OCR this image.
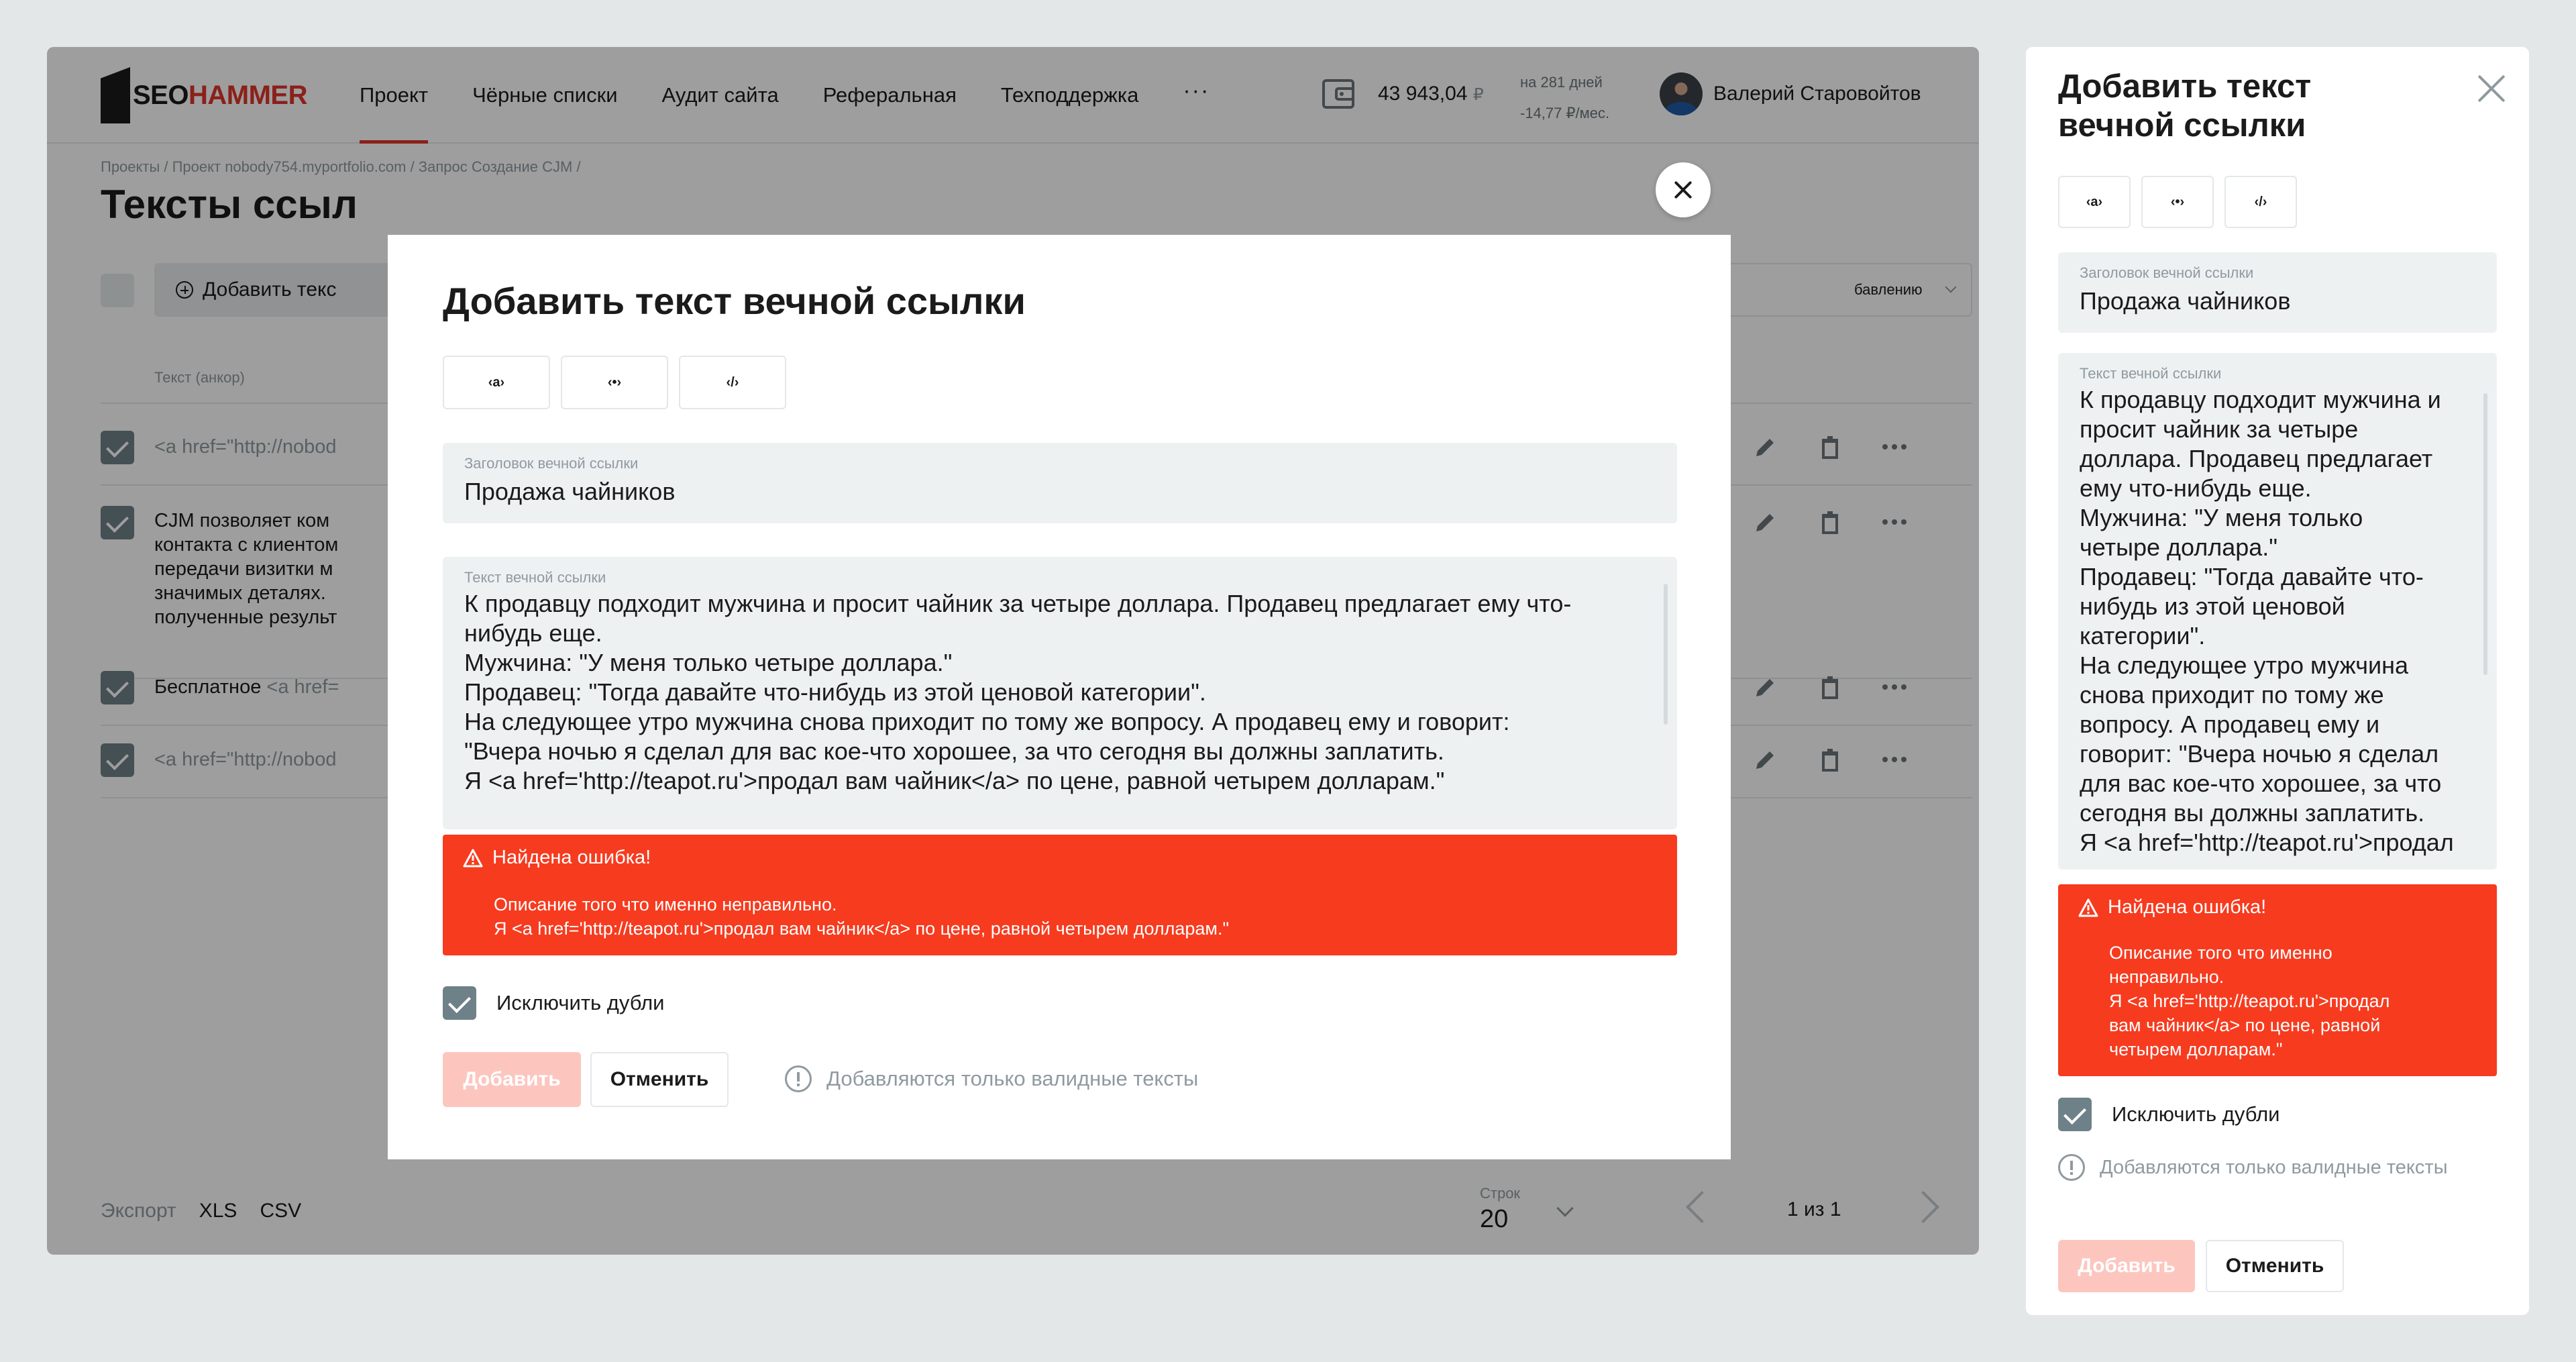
SEOHAMMER	Проект Чёрные списки Аудит сайта Реферальная Техподдержка ···	43 943,04 ₽
на 281 дней
-14,77 ₽/мес.
Валерий Старовойтов
Проекты / Проект nobody754.myportfolio.com / Запрос Создание CJM /
Тексты ссыл
Добавить текс	бавлению
Текст (анкор)
<a href="http://nobod
CJM позволяет ком
контакта с клиентом
передачи визитки м
значимых деталях.
полученные результ
Бесплатное <a href=
<a href="http://nobod
Экспорт XLS CSV
Строк
20	1 из 1
Добавить текст вечной ссылки
‹a›	‹•›	‹/›
Заголовок вечной ссылки
Продажа чайников
Текст вечной ссылки
К продавцу подходит мужчина и просит чайник за четыре доллара. Продавец предлагает ему что-
нибудь еще.
Мужчина: "У меня только четыре доллара."
Продавец: "Тогда давайте что-нибудь из этой ценовой категории".
На следующее утро мужчина снова приходит по тому же вопросу. А продавец ему и говорит:
"Вчера ночью я сделал для вас кое-что хорошее, за что сегодня вы должны заплатить.
Я <a href='http://teapot.ru'>продал вам чайник</a> по цене, равной четырем долларам."
Найдена ошибка!
Описание того что именно неправильно.
Я <a href='http://teapot.ru'>продал вам чайник</a> по цене, равной четырем долларам."
Исключить дубли
Добавить	Отменить	Добавляются только валидные тексты
Добавить текст вечной ссылки
‹a›	‹•›	‹/›
Заголовок вечной ссылки
Продажа чайников
Текст вечной ссылки
К продавцу подходит мужчина и
просит чайник за четыре
доллара. Продавец предлагает
ему что-нибудь еще.
Мужчина: "У меня только
четыре доллара."
Продавец: "Тогда давайте что-
нибудь из этой ценовой
категории".
На следующее утро мужчина
снова приходит по тому же
вопросу. А продавец ему и
говорит: "Вчера ночью я сделал
для вас кое-что хорошее, за что
сегодня вы должны заплатить.
Я <a href='http://teapot.ru'>продал
Найдена ошибка!
Описание того что именно
неправильно.
Я <a href='http://teapot.ru'>продал
вам чайник</a> по цене, равной
четырем долларам."
Исключить дубли
Добавляются только валидные тексты
Добавить	Отменить
